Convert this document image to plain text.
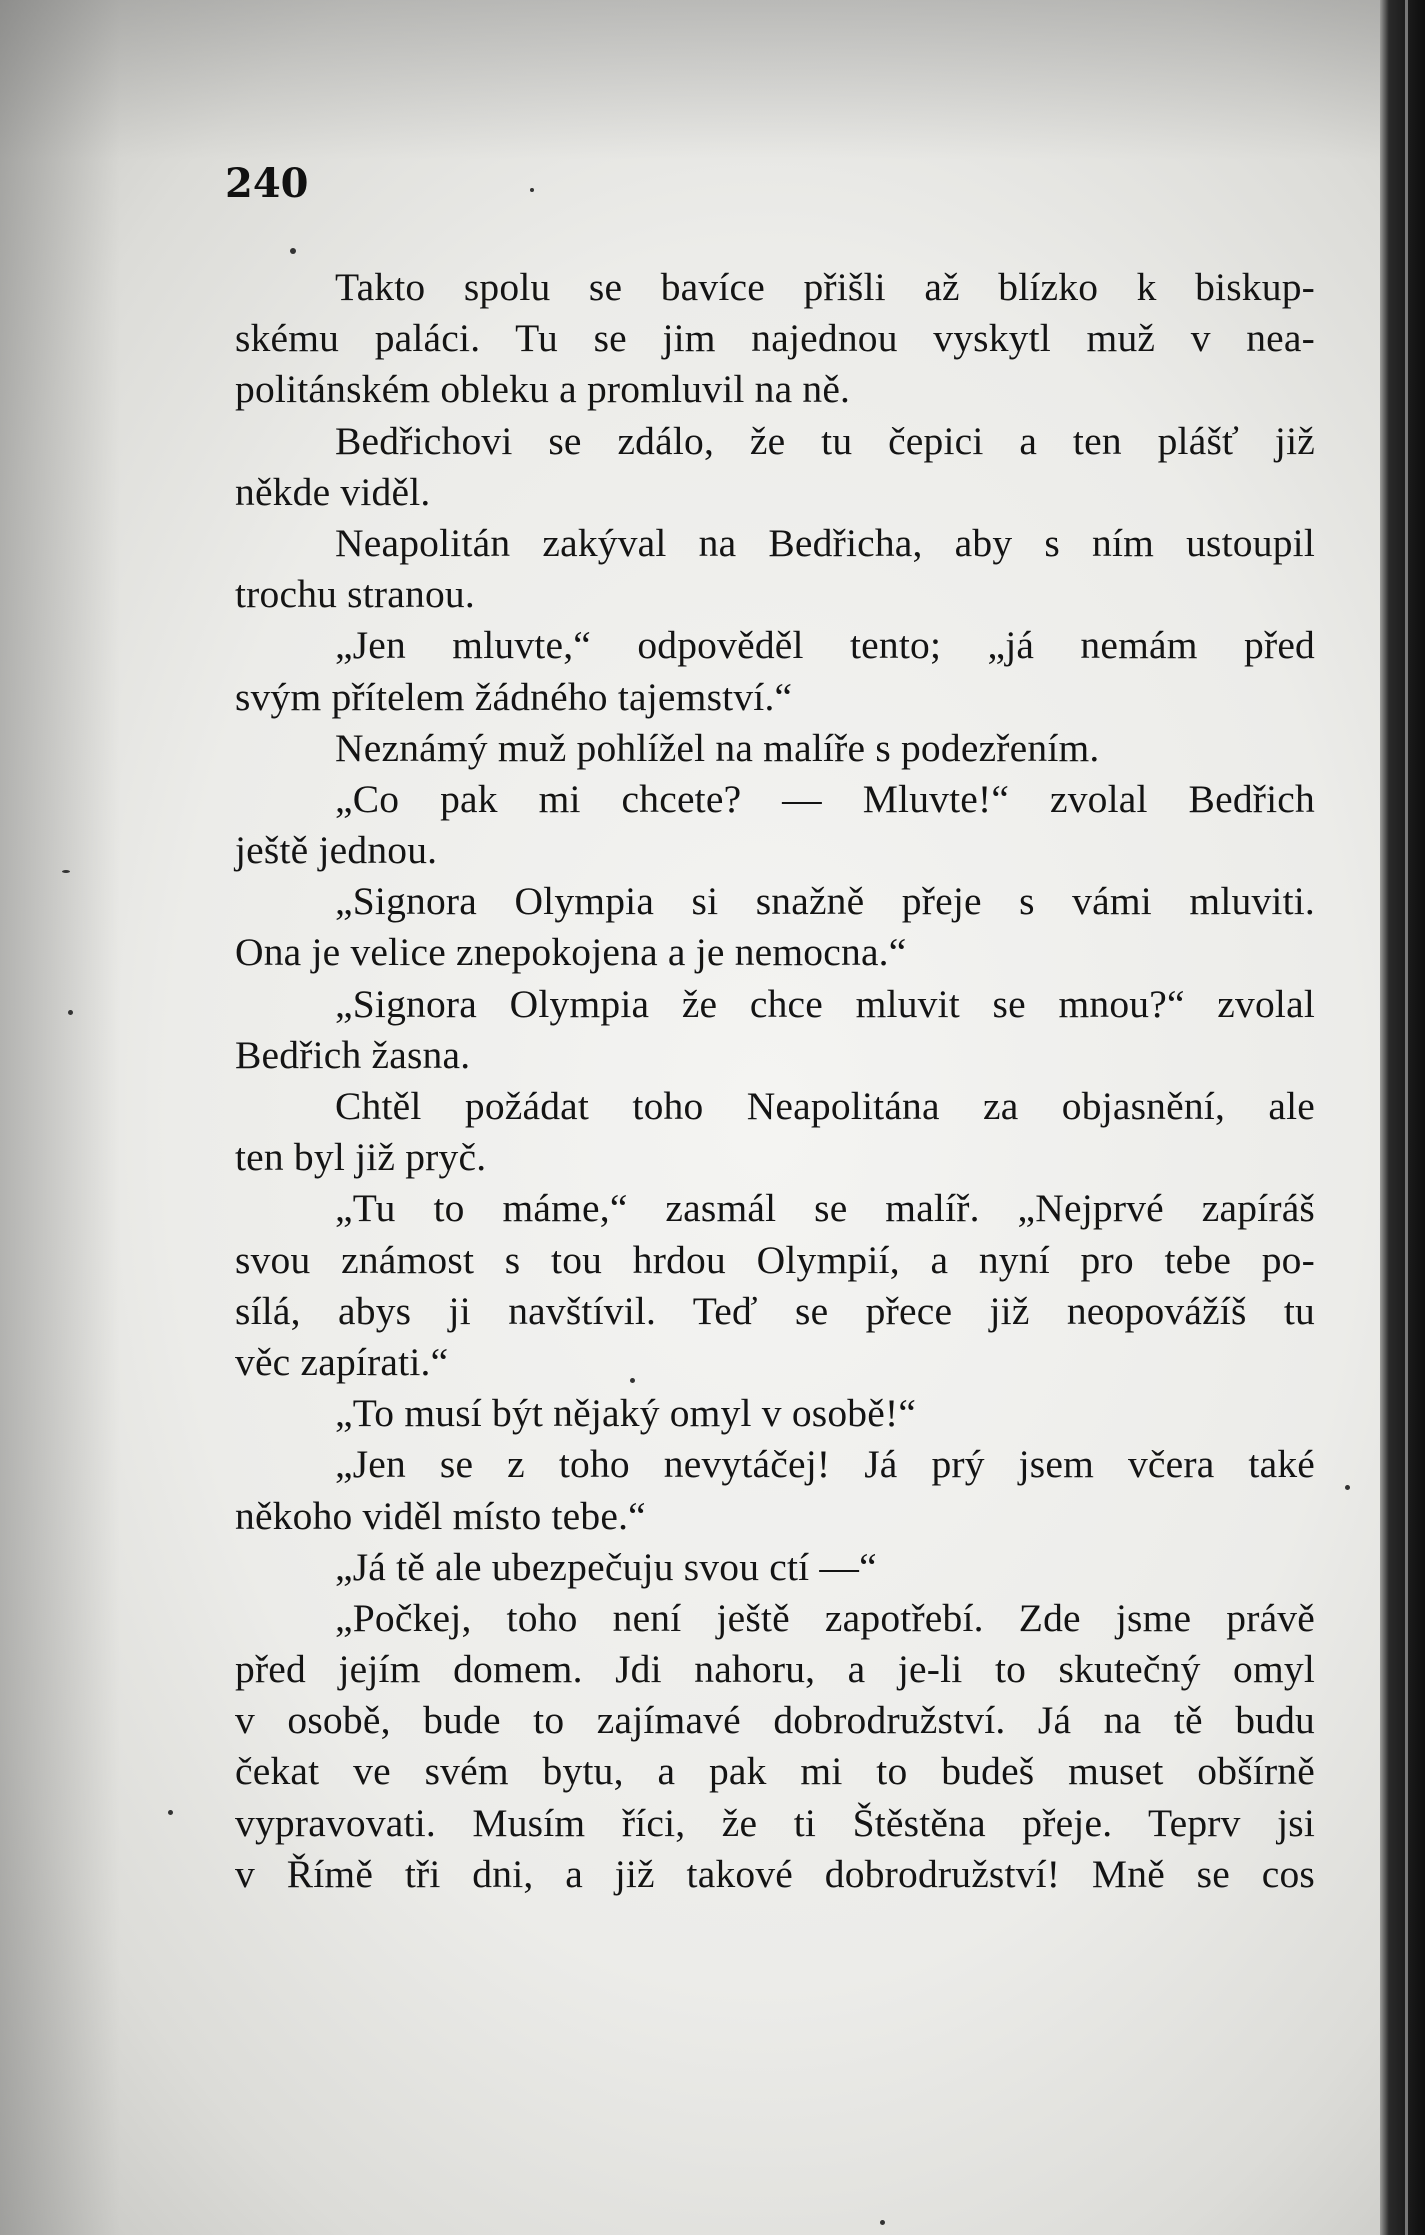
240
Takto spolu se bavíce přišli až blízko k biskup-
skému paláci. Tu se jim najednou vyskytl muž v nea-
politánském obleku a promluvil na ně.
Bedřichovi se zdálo, že tu čepici a ten plášť již
někde viděl.
Neapolitán zakýval na Bedřicha, aby s ním ustoupil
trochu stranou.
„Jen mluvte,“ odpověděl tento; „já nemám před
svým přítelem žádného tajemství.“
Neznámý muž pohlížel na malíře s podezřením.
„Co pak mi chcete? — Mluvte!“ zvolal Bedřich
ještě jednou.
„Signora Olympia si snažně přeje s vámi mluviti.
Ona je velice znepokojena a je nemocna.“
„Signora Olympia že chce mluvit se mnou?“ zvolal
Bedřich žasna.
Chtěl požádat toho Neapolitána za objasnění, ale
ten byl již pryč.
„Tu to máme,“ zasmál se malíř. „Nejprvé zapíráš
svou známost s tou hrdou Olympií, a nyní pro tebe po-
sílá, abys ji navštívil. Teď se přece již neopovážíš tu
věc zapírati.“
„To musí být nějaký omyl v osobě!“
„Jen se z toho nevytáčej! Já prý jsem včera také
někoho viděl místo tebe.“
„Já tě ale ubezpečuju svou ctí —“
„Počkej, toho není ještě zapotřebí. Zde jsme právě
před jejím domem. Jdi nahoru, a je-li to skutečný omyl
v osobě, bude to zajímavé dobrodružství. Já na tě budu
čekat ve svém bytu, a pak mi to budeš muset obšírně
vypravovati. Musím říci, že ti Štěstěna přeje. Teprv jsi
v Římě tři dni, a již takové dobrodružství! Mně se cos
